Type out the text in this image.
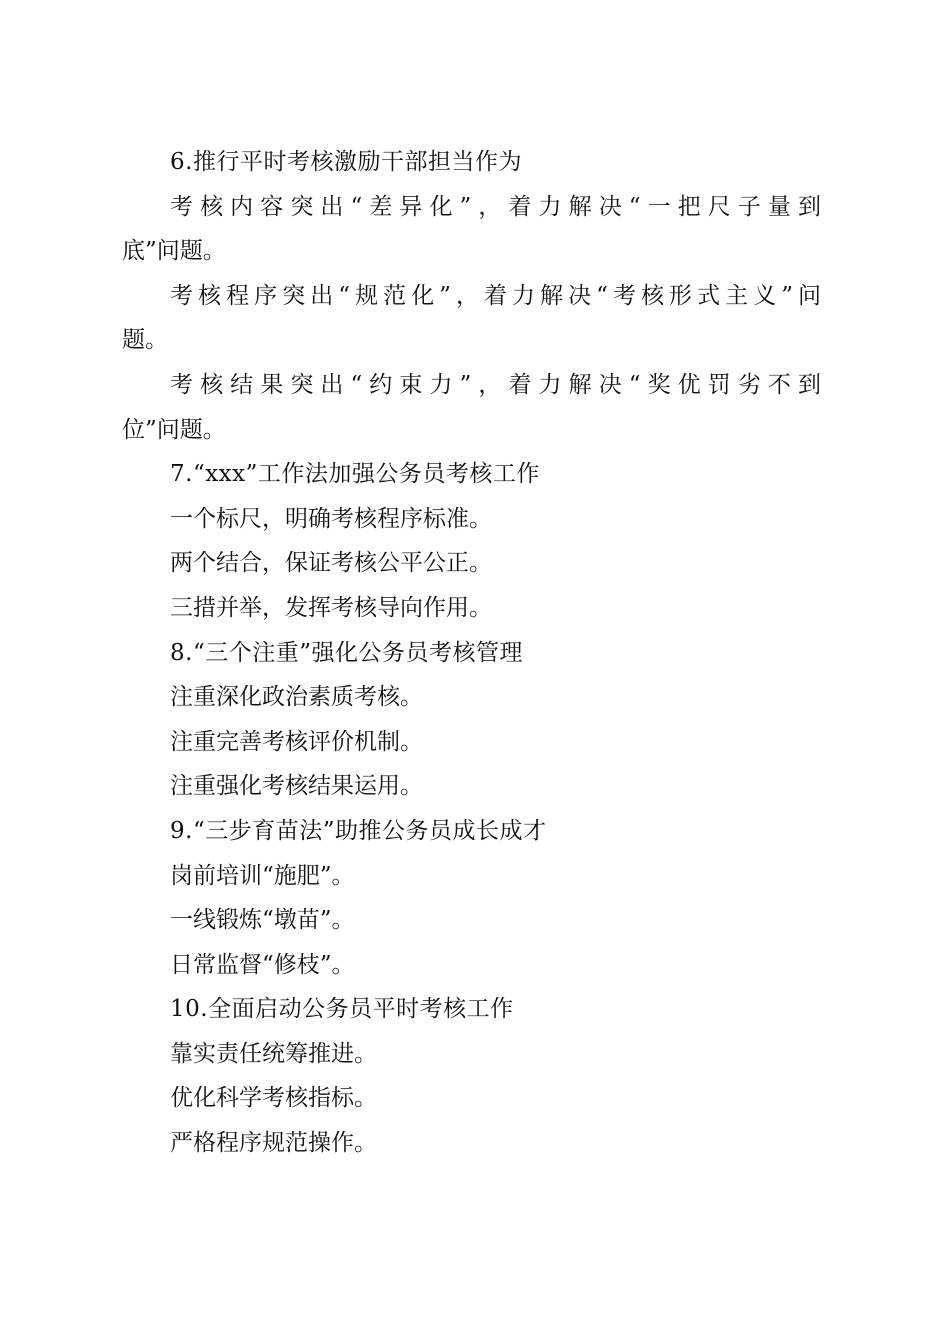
6.推行平时考核激励干部担当作为

考核内容突出“差异化”，着力解决“一把尺子量到

底”问题。

考核程序突出“规范化”，着力解决“考核形式主义”问

题。

考核结果突出“约束力”，着力解决“奖优罚劣不到

位”问题。

7.“xxx”工作法加强公务员考核工作

一个标尺，明确考核程序标准。

两个结合，保证考核公平公正。

三措并举，发挥考核导向作用。

8.“三个注重”强化公务员考核管理

注重深化政治素质考核。

注重完善考核评价机制。

注重强化考核结果运用。

9.“三步育苗法”助推公务员成长成才

岗前培训“施肥”。

一线锻炼“墩苗”。

日常监督“修枝”。

10.全面启动公务员平时考核工作

靠实责任统筹推进。

优化科学考核指标。

严格程序规范操作。
